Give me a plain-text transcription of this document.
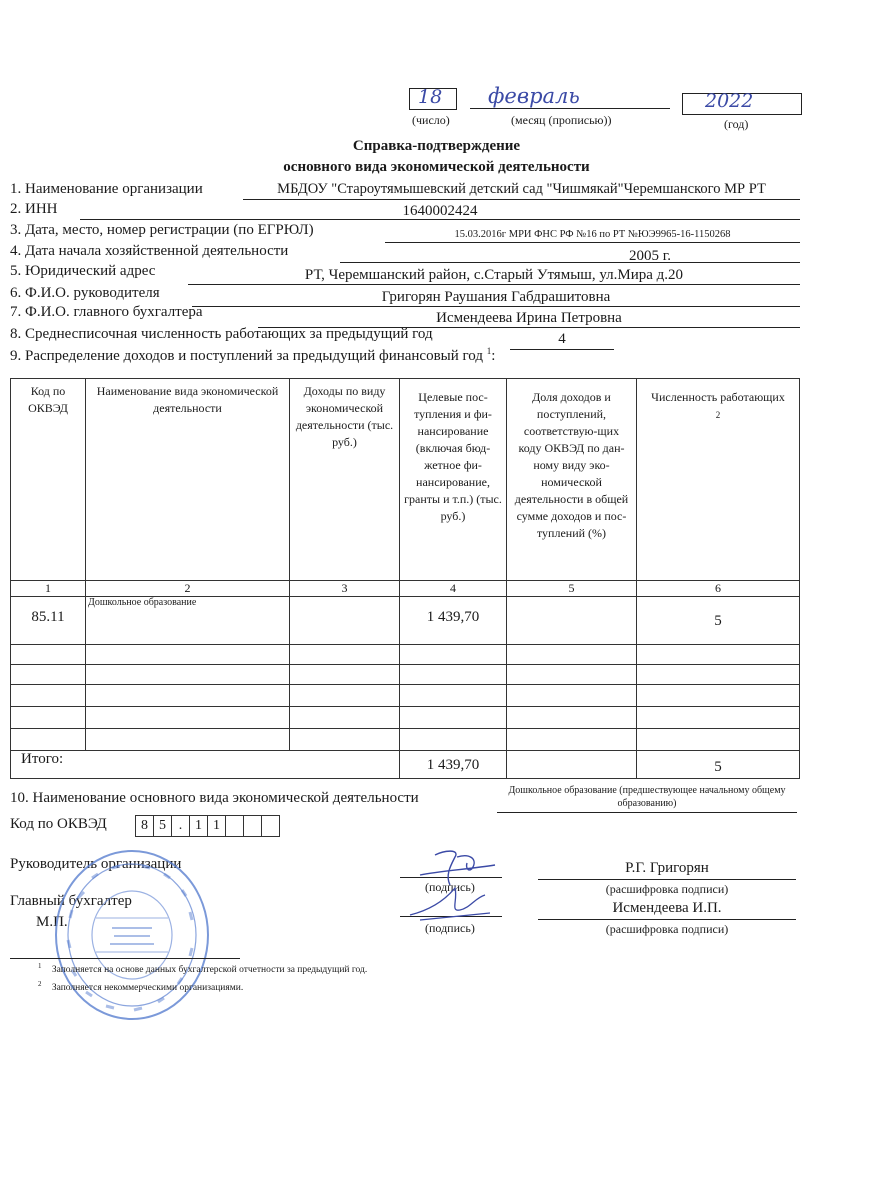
18
(число)
февраль
(месяц (прописью))
2022
(год)
Справка-подтверждение
основного вида экономической деятельности
1. Наименование организации	МБДОУ "Староутямышевский детский сад "Чишмякай"Черемшанского МР РТ
2. ИНН	1640002424
3. Дата, место, номер регистрации (по ЕГРЮЛ)	15.03.2016г МРИ ФНС РФ №16 по РТ №ЮЭ9965-16-1150268
4. Дата начала хозяйственной деятельности	2005 г.
5. Юридический адрес	РТ, Черемшанский район, с.Старый Утямыш, ул.Мира д.20
6. Ф.И.О. руководителя	Григорян Раушания Габдрашитовна
7. Ф.И.О. главного бухгалтера	Исмендеева Ирина Петровна
8. Среднесписочная численность работающих за предыдущий год	4
9. Распределение доходов и поступлений за предыдущий финансовый год $^1$:
Код по ОКВЭД	Наименование вида экономической деятельности	Доходы по виду экономической деятельности (тыс. руб.)	Целевые пос-тупления и фи-нансирование (включая бюд-жетное фи-нансирование, гранты и т.п.) (тыс. руб.)	Доля доходов и поступлений, соответствую-щих коду ОКВЭД по дан-ному виду эко-номической деятельности в общей сумме доходов и пос-туплений (%)	Численность работающих
2
1	2	3	4	5	6
85.11	Дошкольное образование		1 439,70		5

Итого:			1 439,70		5
10. Наименование основного вида экономической деятельности	Дошкольное образование (предшествующее начальному общему образованию)
Код по ОКВЭД 8	5	.	1	1			
Руководитель организации
(подпись)
Р.Г. Григорян
(расшифровка подписи)
Главный бухгалтер
М.П.	(подпись)
Исмендеева И.П.
(расшифровка подписи)
$^1$ Заполняется на основе данных бухгалтерской отчетности за предыдущий год.
$^2$ Заполняется некоммерческими организациями.
